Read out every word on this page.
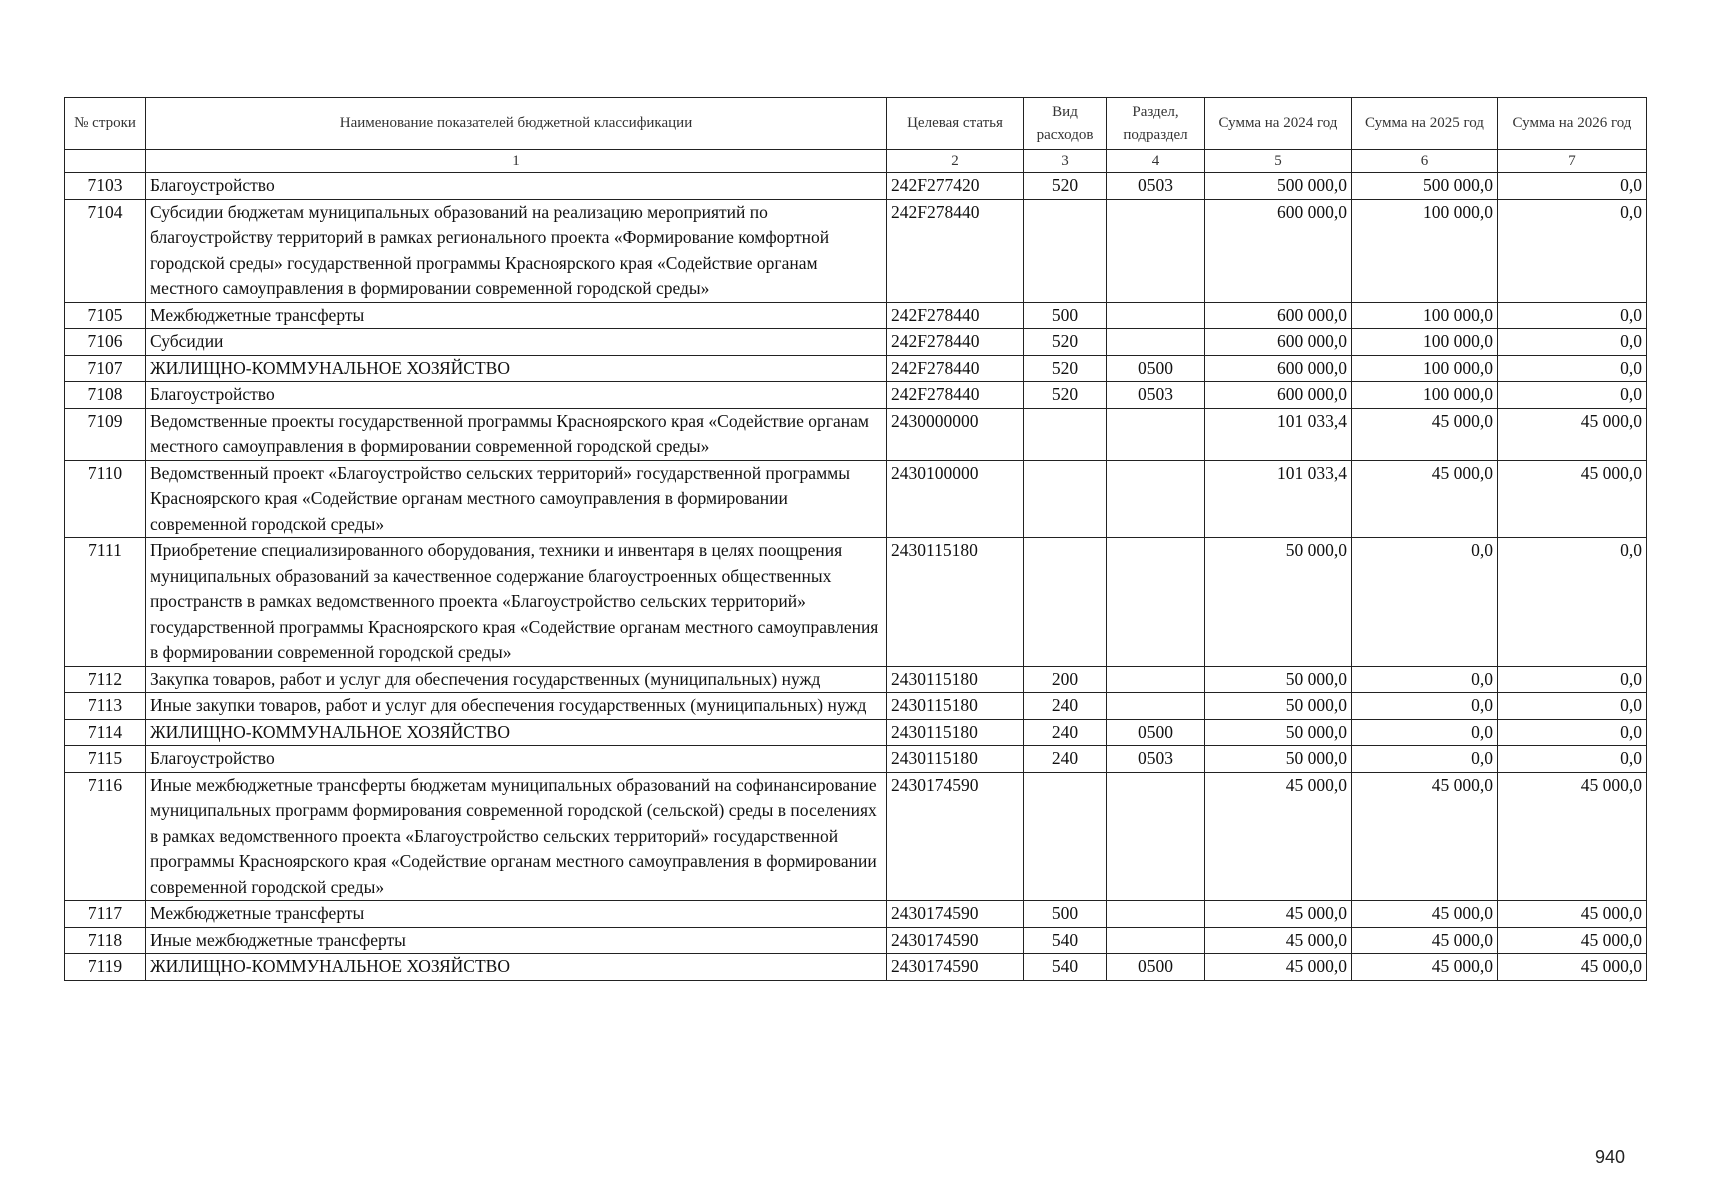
№ строки	Наименование показателей бюджетной классификации	Целевая статья	Вид расходов	Раздел, подраздел	Сумма на 2024 год	Сумма на 2025 год	Сумма на 2026 год
	1	2	3	4	5	6	7
7103	Благоустройство	242F277420	520	0503	500 000,0	500 000,0	0,0
7104	Субсидии бюджетам муниципальных образований на реализацию мероприятий по благоустройству территорий в рамках регионального проекта «Формирование комфортной городской среды» государственной программы Красноярского края «Содействие органам местного самоуправления в формировании современной городской среды»	242F278440			600 000,0	100 000,0	0,0
7105	Межбюджетные трансферты	242F278440	500		600 000,0	100 000,0	0,0
7106	Субсидии	242F278440	520		600 000,0	100 000,0	0,0
7107	ЖИЛИЩНО-КОММУНАЛЬНОЕ ХОЗЯЙСТВО	242F278440	520	0500	600 000,0	100 000,0	0,0
7108	Благоустройство	242F278440	520	0503	600 000,0	100 000,0	0,0
7109	Ведомственные проекты государственной программы Красноярского края «Содействие органам местного самоуправления в формировании современной городской среды»	2430000000			101 033,4	45 000,0	45 000,0
7110	Ведомственный проект «Благоустройство сельских территорий» государственной программы Красноярского края «Содействие органам местного самоуправления в формировании современной городской среды»	2430100000			101 033,4	45 000,0	45 000,0
7111	Приобретение специализированного оборудования, техники и инвентаря в целях поощрения муниципальных образований за качественное содержание благоустроенных общественных пространств в рамках ведомственного проекта «Благоустройство сельских территорий» государственной программы Красноярского края «Содействие органам местного самоуправления в формировании современной городской среды»	2430115180			50 000,0	0,0	0,0
7112	Закупка товаров, работ и услуг для обеспечения государственных (муниципальных) нужд	2430115180	200		50 000,0	0,0	0,0
7113	Иные закупки товаров, работ и услуг для обеспечения государственных (муниципальных) нужд	2430115180	240		50 000,0	0,0	0,0
7114	ЖИЛИЩНО-КОММУНАЛЬНОЕ ХОЗЯЙСТВО	2430115180	240	0500	50 000,0	0,0	0,0
7115	Благоустройство	2430115180	240	0503	50 000,0	0,0	0,0
7116	Иные межбюджетные трансферты бюджетам муниципальных образований на софинансирование муниципальных программ формирования современной городской (сельской) среды в поселениях в рамках ведомственного проекта «Благоустройство сельских территорий» государственной программы Красноярского края «Содействие органам местного самоуправления в формировании современной городской среды»	2430174590			45 000,0	45 000,0	45 000,0
7117	Межбюджетные трансферты	2430174590	500		45 000,0	45 000,0	45 000,0
7118	Иные межбюджетные трансферты	2430174590	540		45 000,0	45 000,0	45 000,0
7119	ЖИЛИЩНО-КОММУНАЛЬНОЕ ХОЗЯЙСТВО	2430174590	540	0500	45 000,0	45 000,0	45 000,0
940
